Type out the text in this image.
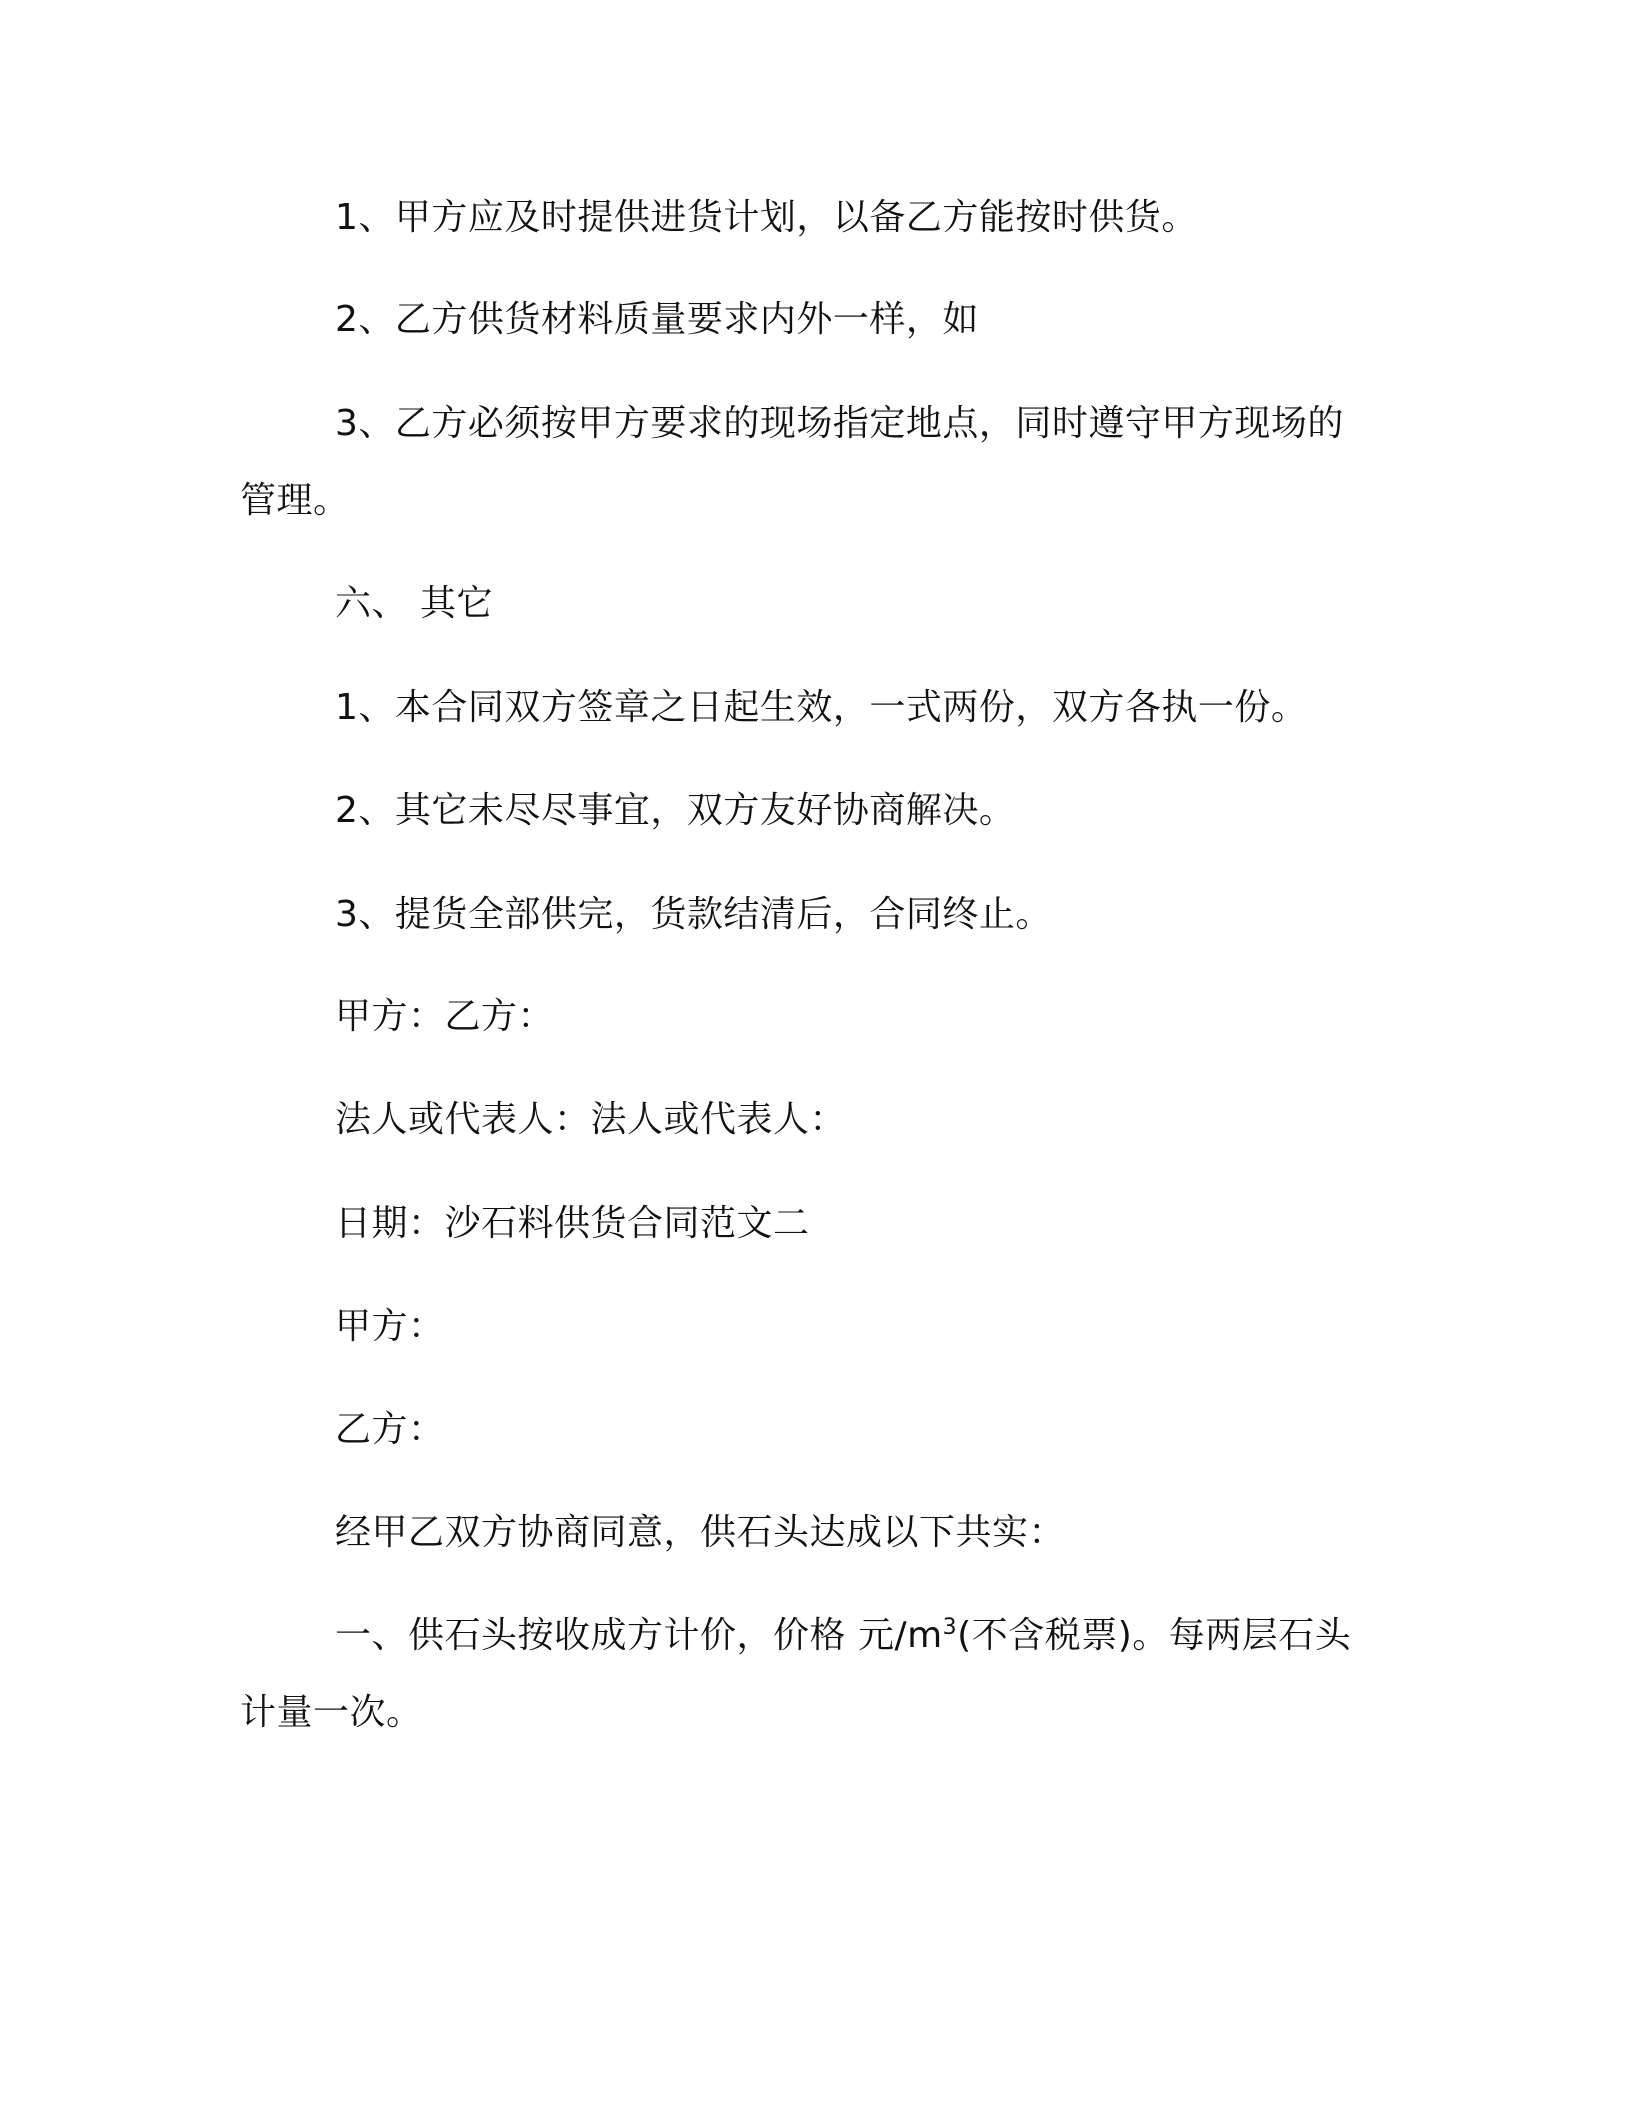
1、甲方应及时提供进货计划，以备乙方能按时供货。
2、乙方供货材料质量要求内外一样，如
3、乙方必须按甲方要求的现场指定地点，同时遵守甲方现场的
管理。
六、 其它
1、本合同双方签章之日起生效，一式两份，双方各执一份。
2、其它未尽尽事宜，双方友好协商解决。
3、提货全部供完，货款结清后，合同终止。
甲方：乙方：
法人或代表人：法人或代表人：
日期：沙石料供货合同范文二
甲方：
乙方：
经甲乙双方协商同意，供石头达成以下共实：
一、供石头按收成方计价，价格 元$/m^3$(不含税票)。每两层石头
计量一次。
